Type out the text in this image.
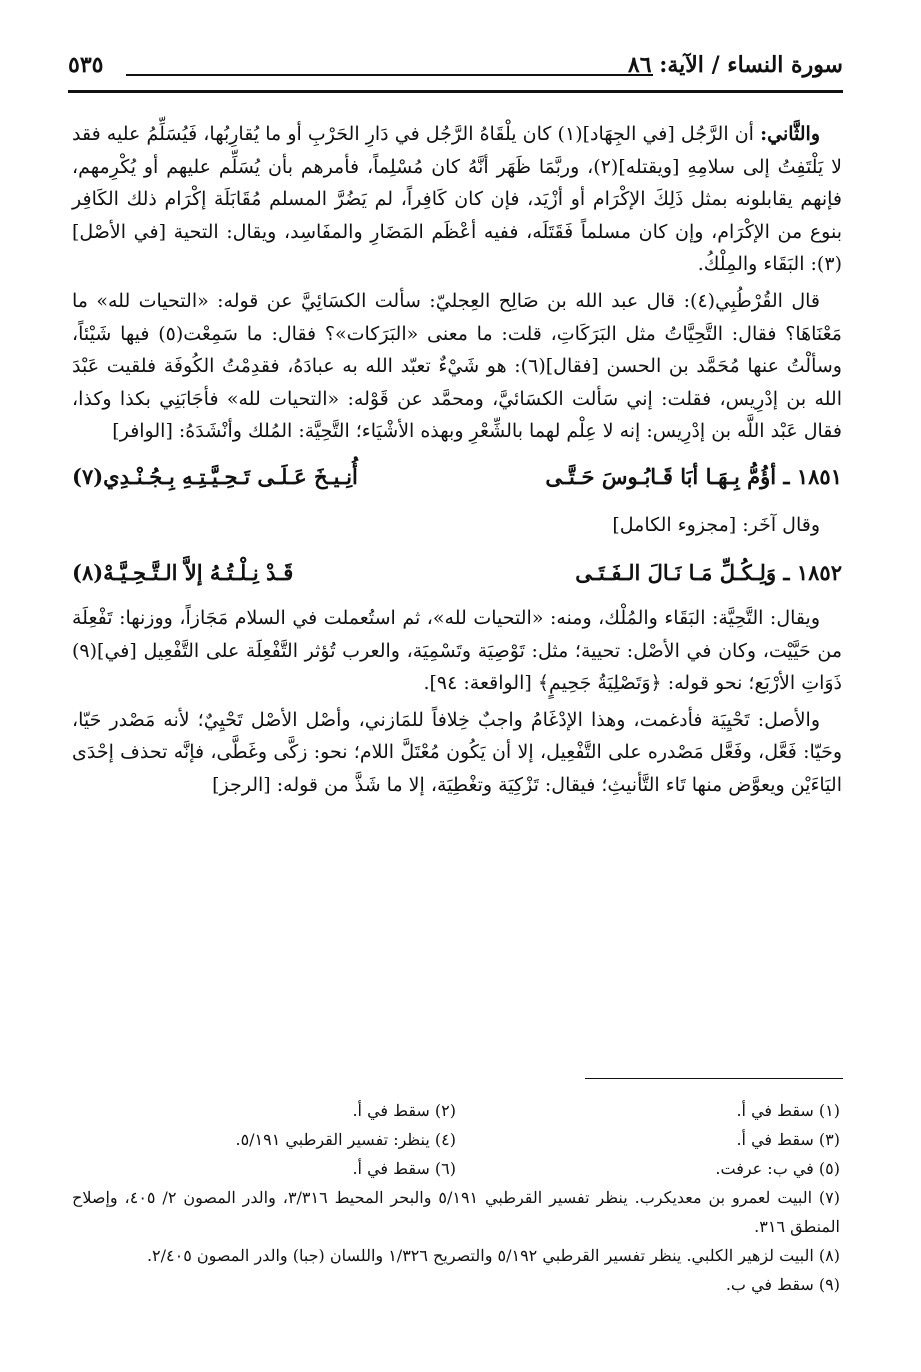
سورة النساء / الآية: ٨٦
٥٣٥

والثَّاني: أن الرَّجُل [في الجِهَاد](١) كان يلْقَاهُ الرَّجُل في دَارِ الحَرْبِ أو ما يُقارِبُها، فَيُسَلِّمُ عليه فقد لا يَلْتَفِتُ إلى سلامِهِ [ويقتله](٢)، وربَّمَا ظَهَر أنَّهُ كان مُسْلِماً، فأمرهم بأن يُسَلِّم عليهم أو يُكْرِمهم، فإنهم يقابلونه بمثل ذَلِكَ الإكْرَام أو أزْيَد، فإن كان كَافِراً، لم يَضُرَّ المسلم مُقَابَلَة إكْرَام ذلك الكَافِر بنوع من الإكْرَام، وإن كان مسلماً فَقَتَلَه، ففيه أعْظَم المَضَارِ والمفَاسِد، ويقال: التحية [في الأصْل](٣): البَقَاء والمِلْكُ.

قال القُرْطُبِي(٤): قال عبد الله بن صَالِح العِجليّ: سألت الكسَائِيَّ عن قوله: «التحيات لله» ما مَعْنَاهَا؟ فقال: التَّحِيَّاتُ مثل البَرَكَاتِ، قلت: ما معنى «البَرَكات»؟ فقال: ما سَمِعْت(٥) فيها شَيْئاً، وسألْتُ عنها مُحَمَّد بن الحسن [فقال](٦): هو شَيْءٌ تعبّد الله به عبادَهُ، فقدِمْتُ الكُوفَة فلقيت عَبْدَ الله بن إدْرِيس، فقلت: إني سَألت الكسَائيَّ، ومحمَّد عن قَوْله: «التحيات لله» فأجَابَنِي بكذا وكذا، فقال عَبْد اللَّه بن إدْرِيس: إنه لا عِلْم لهما بالشِّعْرِ وبهذه الأشْيَاء؛ التَّحِيَّة: المُلك وأنْشَدَهُ: [الوافر]

١٨٥١ ـ أؤُمُّ بِـهَـا أبَا قَـابُـوسَ حَـتَّـى
أُنِـيـخَ عَـلَـى تَـحِـيَّـتِـهِ بِـجُـنْـدِي(٧)
وقال آخَر: [مجزوء الكامل]
١٨٥٢ ـ وَلِـكُـلِّ مَـا نَـالَ الـفَـتَـى
قَـدْ نِـلْـتُـهُ إلاَّ الـتَّـحِـيَّـهْ(٨)

ويقال: التَّحِيَّة: البَقَاء والمُلْك، ومنه: «التحيات لله»، ثم استُعملت في السلام مَجَازاً، ووزنها: تَفْعِلَة من حَيَّيْت، وكان في الأصْل: تحيية؛ مثل: تَوْصِيَة وتَسْمِيَة، والعرب تُؤثر التَّفْعِلَة على التَّفْعِيل [في](٩) ذَوَاتِ الأرْبَع؛ نحو قوله: ﴿وَتَصْلِيَةُ جَحِيمٍ﴾ [الواقعة: ٩٤].

والأصل: تَحْيِيَة فأدغمت، وهذا الإدْغَامُ واجبٌ خِلافاً للمَازني، وأصْل الأصْل تَحْيِيٌ؛ لأنه مَصْدر حَيّا، وحَيّا: فَعَّل، وفَعَّل مَصْدره على التَّفْعِيل، إلا أن يَكُون مُعْتَلَّ اللام؛ نحو: زكَّى وغَطَّى، فإنَّه تحذف إحْدَى اليَاءَيْن ويعوَّض منها تَاء التَّأنيثِ؛ فيقال: تَزْكِيَة وتغْطِيَة، إلا ما شَذَّ من قوله: [الرجز]

(١) سقط في أ.
(٢) سقط في أ.
(٣) سقط في أ.
(٤) ينظر: تفسير القرطبي ٥/١٩١.
(٥) في ب: عرفت.
(٦) سقط في أ.
(٧) البيت لعمرو بن معديكرب. ينظر تفسير القرطبي ٥/١٩١ والبحر المحيط ٣/٣١٦، والدر المصون ٢/ ٤٠٥، وإصلاح المنطق ٣١٦.
(٨) البيت لزهير الكلبي. ينظر تفسير القرطبي ٥/١٩٢ والتصريح ١/٣٢٦ واللسان (جبا) والدر المصون ٢/٤٠٥.
(٩) سقط في ب.
